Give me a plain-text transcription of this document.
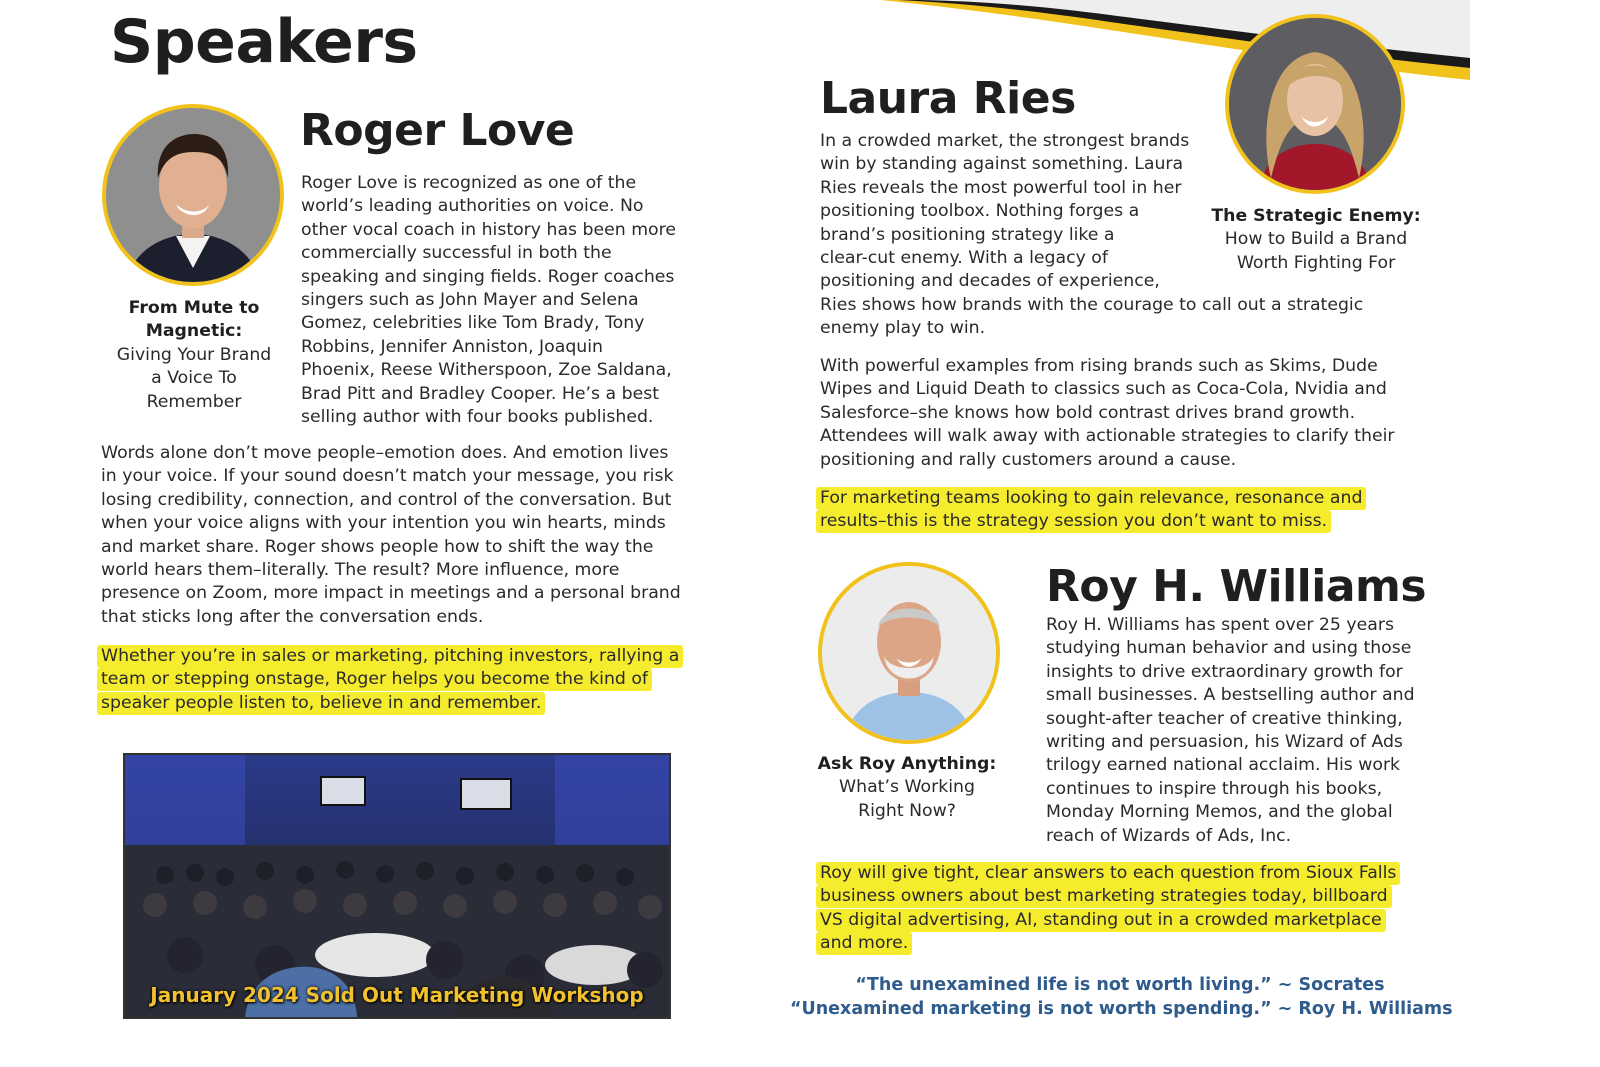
Speakers
Roger Love
From Mute to
Magnetic:
Giving Your Brand
a Voice To
Remember
Roger Love is recognized as one of the
world’s leading authorities on voice. No
other vocal coach in history has been more
commercially successful in both the
speaking and singing fields. Roger coaches
singers such as John Mayer and Selena
Gomez, celebrities like Tom Brady, Tony
Robbins, Jennifer Anniston, Joaquin
Phoenix, Reese Witherspoon, Zoe Saldana,
Brad Pitt and Bradley Cooper. He’s a best
selling author with four books published.
Words alone don’t move people–emotion does. And emotion lives
in your voice. If your sound doesn’t match your message, you risk
losing credibility, connection, and control of the conversation. But
when your voice aligns with your intention you win hearts, minds
and market share. Roger shows people how to shift the way the
world hears them–literally. The result? More influence, more
presence on Zoom, more impact in meetings and a personal brand
that sticks long after the conversation ends.
Whether you’re in sales or marketing, pitching investors, rallying a
team or stepping onstage, Roger helps you become the kind of
speaker people listen to, believe in and remember.
January 2024 Sold Out Marketing Workshop
Laura Ries
In a crowded market, the strongest brands
win by standing against something. Laura
Ries reveals the most powerful tool in her
positioning toolbox. Nothing forges a
brand’s positioning strategy like a
clear-cut enemy. With a legacy of
positioning and decades of experience,
Ries shows how brands with the courage to call out a strategic
enemy play to win.
The Strategic Enemy:
How to Build a Brand
Worth Fighting For
With powerful examples from rising brands such as Skims, Dude
Wipes and Liquid Death to classics such as Coca-Cola, Nvidia and
Salesforce–she knows how bold contrast drives brand growth.
Attendees will walk away with actionable strategies to clarify their
positioning and rally customers around a cause.
For marketing teams looking to gain relevance, resonance and
results–this is the strategy session you don’t want to miss.
Roy H. Williams
Roy H. Williams has spent over 25 years
studying human behavior and using those
insights to drive extraordinary growth for
small businesses. A bestselling author and
sought-after teacher of creative thinking,
writing and persuasion, his Wizard of Ads
trilogy earned national acclaim. His work
continues to inspire through his books,
Monday Morning Memos, and the global
reach of Wizards of Ads, Inc.
Ask Roy Anything:
What’s Working
Right Now?
Roy will give tight, clear answers to each question from Sioux Falls
business owners about best marketing strategies today, billboard
VS digital advertising, AI, standing out in a crowded marketplace
and more.
“The unexamined life is not worth living.” ~ Socrates
“Unexamined marketing is not worth spending.” ~ Roy H. Williams
